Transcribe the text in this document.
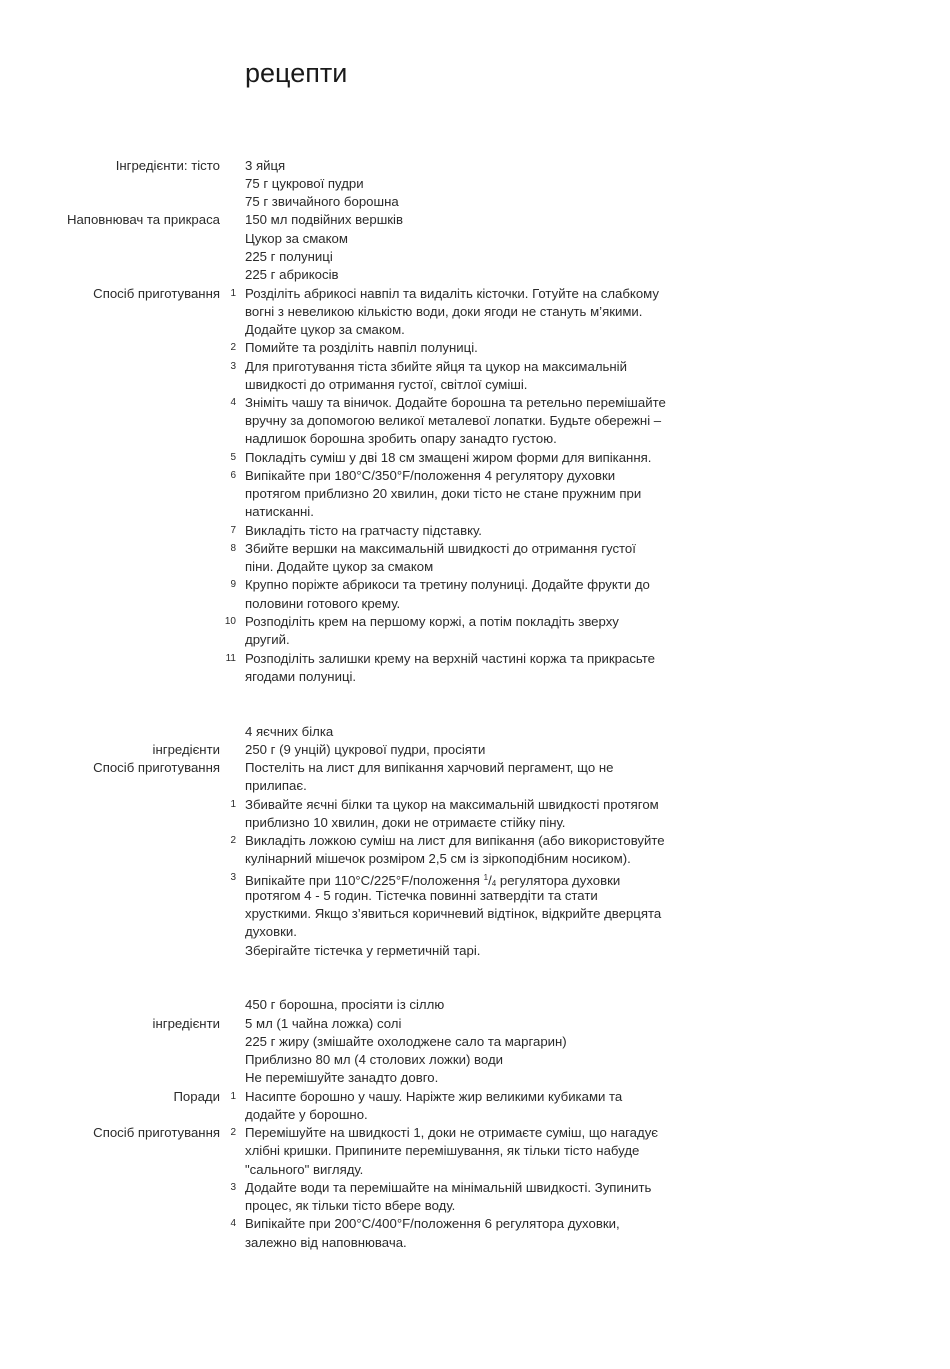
рецепти
Інгредієнти: тісто
Наповнювач та прикраса
Спосіб приготування
3 яйця
75 г цукрової пудри
75 г звичайного борошна
150 мл подвійних вершків
Цукор за смаком
225 г полуниці
225 г абрикосів
1 Розділіть абрикосі навпіл та видаліть кісточки. Готуйте на слабкому
вогні з невеликою кількістю води, доки ягоди не стануть м’якими.
Додайте цукор за смаком.
2 Помийте та розділіть навпіл полуниці.
3 Для приготування тіста збийте яйця та цукор на максимальній
швидкості до отримання густої, світлої суміші.
4 Зніміть чашу та віничок. Додайте борошна та ретельно перемішайте
вручну за допомогою великої металевої лопатки. Будьте обережні –
надлишок борошна зробить опару занадто густою.
5 Покладіть суміш у дві 18 см змащені жиром форми для випікання.
6 Випікайте при 180°C/350°F/положення 4 регулятору духовки
протягом приблизно 20 хвилин, доки тісто не стане пружним при
натисканні.
7 Викладіть тісто на гратчасту підставку.
8 Збийте вершки на максимальній швидкості до отримання густої
піни. Додайте цукор за смаком
9 Крупно поріжте абрикоси та третину полуниці. Додайте фрукти до
половини готового крему.
10 Розподіліть крем на першому коржі, а потім покладіть зверху
другий.
11 Розподіліть залишки крему на верхній частині коржа та прикрасьте
ягодами полуниці.
4 яєчних білка
інгредієнти 250 г (9 унцій) цукрової пудри, просіяти
Спосіб приготування Постеліть на лист для випікання харчовий пергамент, що не
прилипає.
1 Збивайте яєчні білки та цукор на максимальній швидкості протягом
приблизно 10 хвилин, доки не отримаєте стійку піну.
2 Викладіть ложкою суміш на лист для випікання (або використовуйте
кулінарний мішечок розміром 2,5 см із зіркоподібним носиком).
3 Випікайте при 110°C/225°F/положення $^1/_4$ регулятора духовки
протягом 4 - 5 годин. Тістечка повинні затвердіти та стати
хрусткими. Якщо з’явиться коричневий відтінок, відкрийте дверцята
духовки.
Зберігайте тістечка у герметичній тарі.
450 г борошна, просіяти із сіллю
інгредієнти 5 мл (1 чайна ложка) солі
225 г жиру (змішайте охолоджене сало та маргарин)
Приблизно 80 мл (4 столових ложки) води
Не перемішуйте занадто довго.
Поради 1 Насипте борошно у чашу. Наріжте жир великими кубиками та
додайте у борошно.
Спосіб приготування 2 Перемішуйте на швидкості 1, доки не отримаєте суміш, що нагадує
хлібні кришки. Припините перемішування, як тільки тісто набуде
"сального" вигляду.
3 Додайте води та перемішайте на мінімальній швидкості. Зупинить
процес, як тільки тісто вбере воду.
4 Випікайте при 200°C/400°F/положення 6 регулятора духовки,
залежно від наповнювача.
